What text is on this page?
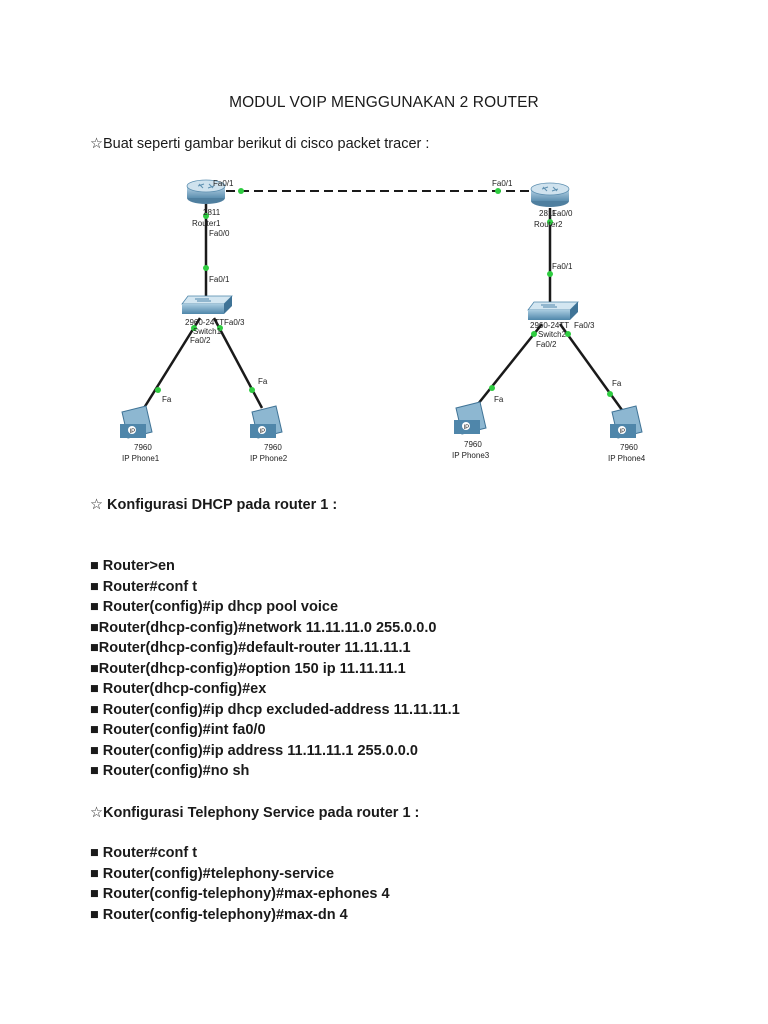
MODUL VOIP MENGGUNAKAN 2 ROUTER
☆Buat seperti gambar berikut di cisco packet tracer :
2811
Router1
2811
Router2
2960-24TT
Switch1
2960-24TT
Switch2
Fa0/1
Fa0/0
Fa0/1
Fa0/3
Fa0/2
Fa0/1
Fa0/0
Fa0/1
Fa0/3
Fa0/2
Fa
Fa
Fa
Fa
IP	IP
IP
IP
7960
IP Phone1
7960
IP Phone2
7960
IP Phone3
7960
IP Phone4
☆ Konfigurasi DHCP pada router 1 :
■ Router>en
■ Router#conf t
■ Router(config)#ip dhcp pool voice
■Router(dhcp-config)#network 11.11.11.0 255.0.0.0
■Router(dhcp-config)#default-router 11.11.11.1
■Router(dhcp-config)#option 150 ip 11.11.11.1
■ Router(dhcp-config)#ex
■ Router(config)#ip dhcp excluded-address 11.11.11.1
■ Router(config)#int fa0/0
■ Router(config)#ip address 11.11.11.1 255.0.0.0
■ Router(config)#no sh
☆Konfigurasi Telephony Service pada router 1 :
■ Router#conf t
■ Router(config)#telephony-service
■ Router(config-telephony)#max-ephones 4
■ Router(config-telephony)#max-dn 4
